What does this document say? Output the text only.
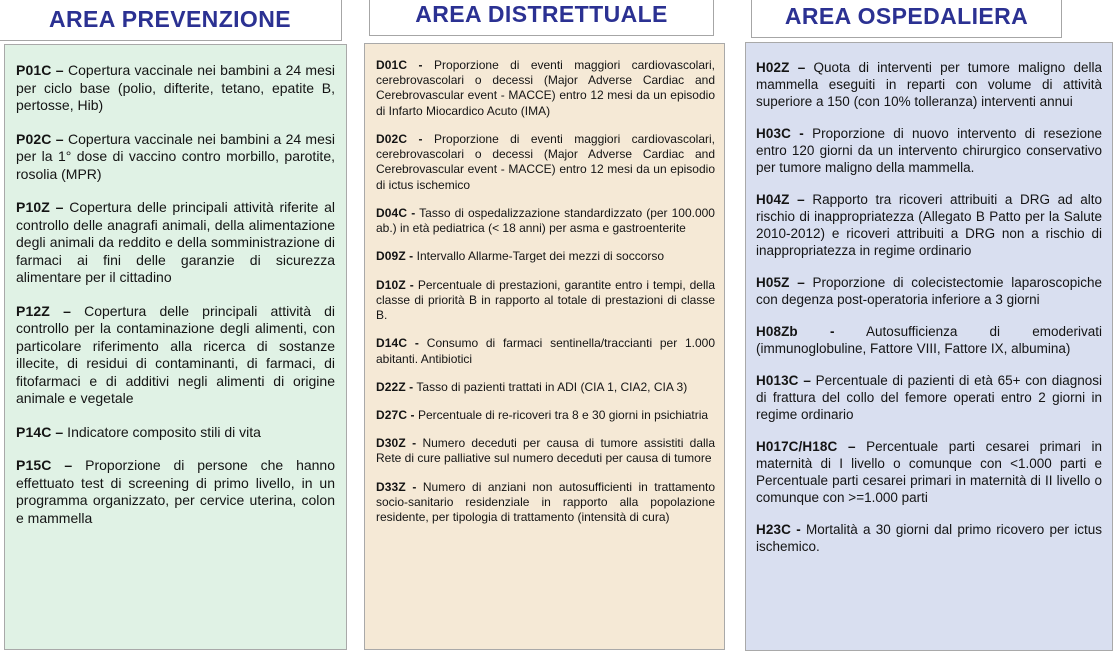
AREA PREVENZIONE

P01C – Copertura vaccinale nei bambini a 24 mesi per ciclo base (polio, difterite, tetano, epatite B, pertosse, Hib)

P02C – Copertura vaccinale nei bambini a 24 mesi per la 1° dose di vaccino contro morbillo, parotite, rosolia (MPR)

P10Z – Copertura delle principali attività riferite al controllo delle anagrafi animali, della alimentazione degli animali da reddito e della somministrazione di farmaci ai fini delle garanzie di sicurezza alimentare per il cittadino

P12Z – Copertura delle principali attività di controllo per la contaminazione degli alimenti, con particolare riferimento alla ricerca di sostanze illecite, di residui di contaminanti, di farmaci, di fitofarmaci e di additivi negli alimenti di origine animale e vegetale

P14C – Indicatore composito stili di vita

P15C – Proporzione di persone che hanno effettuato test di screening di primo livello, in un programma organizzato, per cervice uterina, colon e mammella

AREA DISTRETTUALE

D01C - Proporzione di eventi maggiori cardiovascolari, cerebrovascolari o decessi (Major Adverse Cardiac and Cerebrovascular event - MACCE) entro 12 mesi da un episodio di Infarto Miocardico Acuto (IMA)

D02C - Proporzione di eventi maggiori cardiovascolari, cerebrovascolari o decessi (Major Adverse Cardiac and Cerebrovascular event - MACCE) entro 12 mesi da un episodio di ictus ischemico

D04C - Tasso di ospedalizzazione standardizzato (per 100.000 ab.) in età pediatrica (< 18 anni) per asma e gastroenterite

D09Z - Intervallo Allarme-Target dei mezzi di soccorso

D10Z - Percentuale di prestazioni, garantite entro i tempi, della classe di priorità B in rapporto al totale di prestazioni di classe B.

D14C - Consumo di farmaci sentinella/traccianti per 1.000 abitanti. Antibiotici

D22Z - Tasso di pazienti trattati in ADI (CIA 1, CIA2, CIA 3)

D27C - Percentuale di re-ricoveri tra 8 e 30 giorni in psichiatria

D30Z - Numero deceduti per causa di tumore assistiti dalla Rete di cure palliative sul numero deceduti per causa di tumore

D33Z - Numero di anziani non autosufficienti in trattamento socio-sanitario residenziale in rapporto alla popolazione residente, per tipologia di trattamento (intensità di cura)

AREA OSPEDALIERA

H02Z – Quota di interventi per tumore maligno della mammella eseguiti in reparti con volume di attività superiore a 150 (con 10% tolleranza) interventi annui

H03C - Proporzione di nuovo intervento di resezione entro 120 giorni da un intervento chirurgico conservativo per tumore maligno della mammella.

H04Z – Rapporto tra ricoveri attribuiti a DRG ad alto rischio di inappropriatezza (Allegato B Patto per la Salute 2010-2012) e ricoveri attribuiti a DRG non a rischio di inappropriatezza in regime ordinario

H05Z – Proporzione di colecistectomie laparoscopiche con degenza post-operatoria inferiore a 3 giorni

H08Zb - Autosufficienza di emoderivati (immunoglobuline, Fattore VIII, Fattore IX, albumina)

H013C – Percentuale di pazienti di età 65+ con diagnosi di frattura del collo del femore operati entro 2 giorni in regime ordinario

H017C/H18C – Percentuale parti cesarei primari in maternità di I livello o comunque con <1.000 parti e Percentuale parti cesarei primari in maternità di II livello o comunque con >=1.000 parti

H23C - Mortalità a 30 giorni dal primo ricovero per ictus ischemico.
